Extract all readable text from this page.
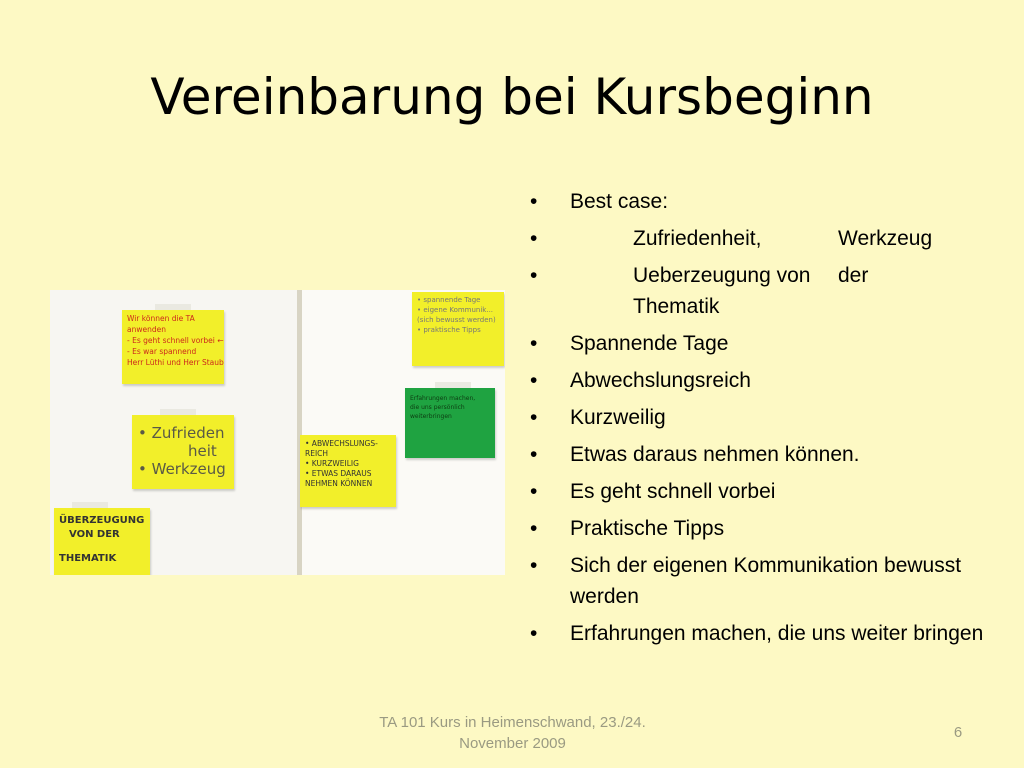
Vereinbarung bei Kursbeginn
Wir können die TA
anwenden
- Es geht schnell vorbei ←
- Es war spannend
Herr Lüthi und Herr Staub
• Zufrieden
heit
• Werkzeug
ÜBERZEUGUNG
VON DER
THEMATIK
• spannende Tage
• eigene Kommunik...
(sich bewusst werden)
• praktische Tipps
Erfahrungen machen,
die uns persönlich
weiterbringen
• ABWECHSLUNGS-
REICH
• KURZWEILIG
• ETWAS DARAUS
NEHMEN KÖNNEN
• Best case:
•	Zufriedenheit,	Werkzeug
•	Ueberzeugung von der
Thematik
• Spannende Tage
• Abwechslungsreich
• Kurzweilig
• Etwas daraus nehmen können.
• Es geht schnell vorbei
• Praktische Tipps
• Sich der eigenen Kommunikation bewusst werden
• Erfahrungen machen, die uns weiter bringen
TA 101 Kurs in Heimenschwand, 23./24. November 2009
6
